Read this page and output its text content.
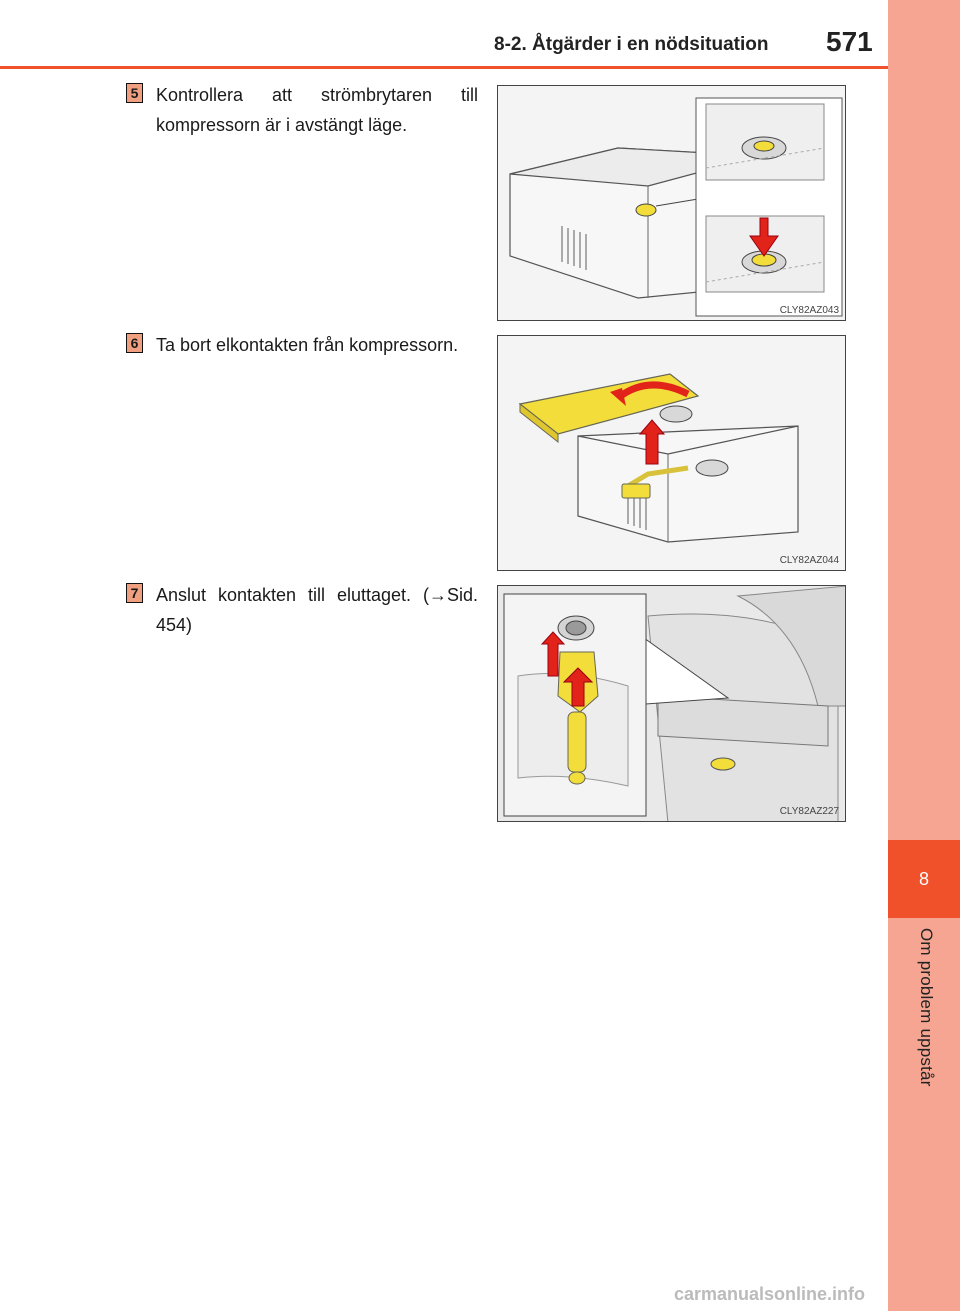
8
Om problem uppstår
8-2. Åtgärder i en nödsituation 571
5 Kontrollera att strömbrytaren till kompressorn är i avstängt läge.
CLY82AZ043
6 Ta bort elkontakten från kompressorn.
CLY82AZ044
7 Anslut kontakten till eluttaget. (→Sid. 454)
CLY82AZ227
carmanualsonline.info
